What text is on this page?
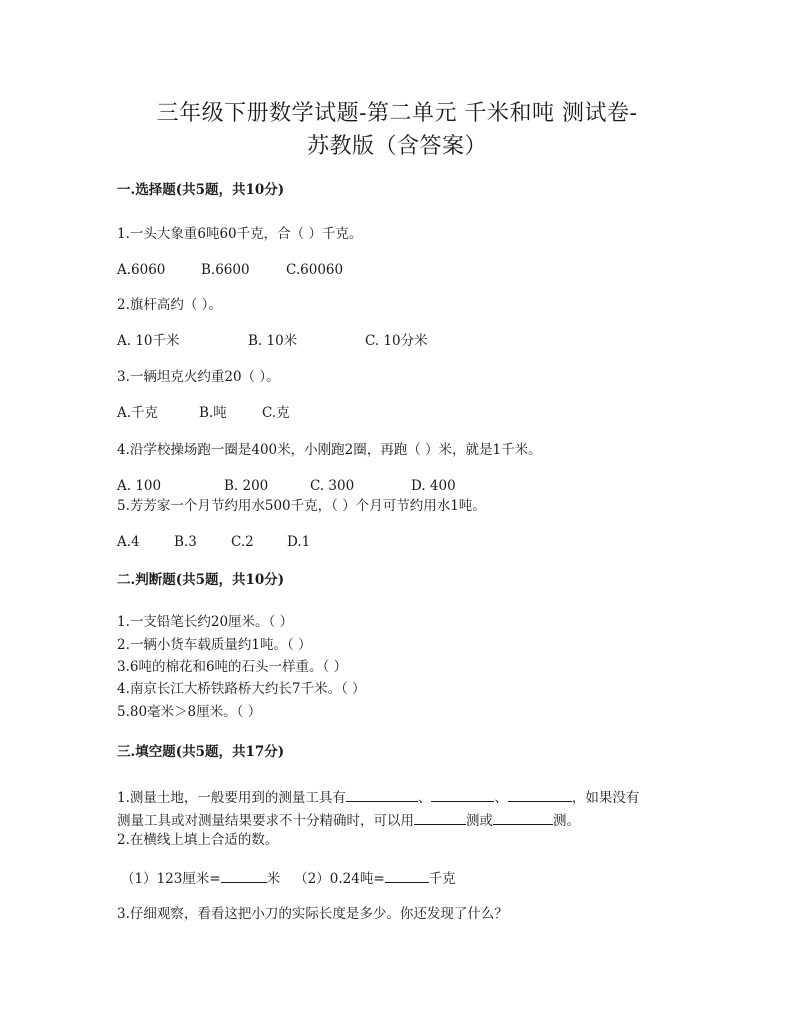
三年级下册数学试题-第二单元 千米和吨 测试卷-
苏教版（含答案）
一.选择题(共5题，共10分)
1.一头大象重6吨60千克，合（ ）千克。
A.6060	B.6600	C.60060
2.旗杆高约（ ）。
A. 10千米	B. 10米	C. 10分米
3.一辆坦克火约重20（ ）。
A.千克	B.吨	C.克
4.沿学校操场跑一圈是400米，小刚跑2圈，再跑（ ）米，就是1千米。
A. 100	B. 200	C. 300	D. 400
5.芳芳家一个月节约用水500千克，（ ）个月可节约用水1吨。
A.4	B.3	C.2 D.1
二.判断题(共5题，共10分)
1.一支铅笔长约20厘米。（ ）
2.一辆小货车载质量约1吨。（ ）
3.6吨的棉花和6吨的石头一样重。（ ）
4.南京长江大桥铁路桥大约长7千米。（ ）
5.80毫米＞8厘米。（ ）
三.填空题(共5题，共17分)
1.测量土地，一般要用到的测量工具有	、	、	，如果没有
测量工具或对测量结果要求不十分精确时，可以用	测或	测。
2.在横线上填上合适的数。
（1）123厘米=	米 （2）0.24吨=	千克
3.仔细观察，看看这把小刀的实际长度是多少。你还发现了什么？
